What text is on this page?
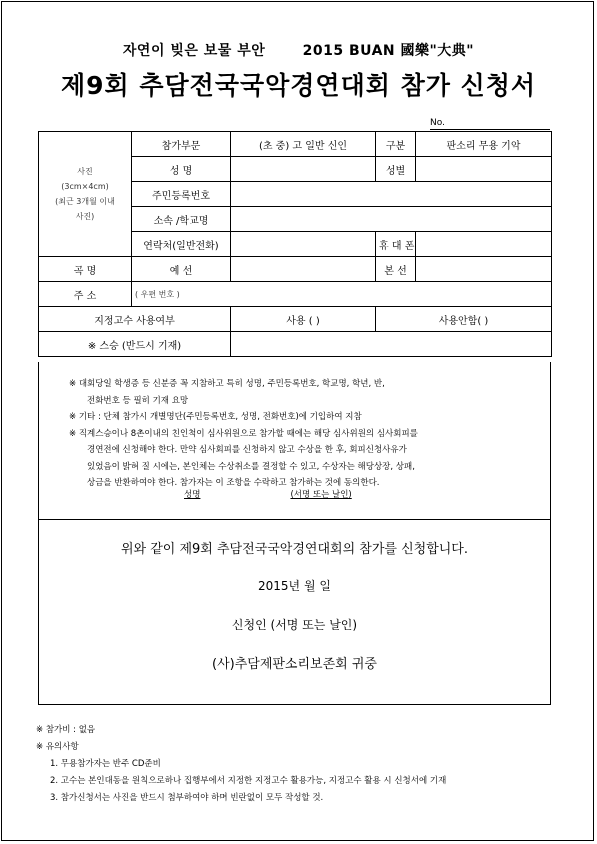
자연이 빚은 보물 부안	2015 BUAN 國樂"大典"
제9회 추담전국국악경연대회 참가 신청서
No.
사진
(3cm×4cm)
(최근 3개월 이내
사진)	참가부문	(초 중) 고 일반 신인	구분	판소리 무용 기악
	성 명		성별	
	주민등록번호			
	소속 /학교명			
	연락처(일반전화)		휴 대 폰	
곡 명	예 선		본 선	
주 소	( 우편 번호 )			
지정고수 사용여부		사용 ( )	사용안함( )	
※ 스승 (반드시 기재)				
※ 대회당일 학생증 등 신분증 꼭 지참하고 특히 성명, 주민등록번호, 학교명, 학년, 반,
전화번호 등 필히 기재 요망
※ 기타 : 단체 참가시 개별명단(주민등록번호, 성명, 전화번호)에 기입하여 지참
※ 직계스승이나 8촌이내의 친인척이 심사위원으로 참가할 때에는 해당 심사위원의 심사회피를
경연전에 신청해야 한다. 만약 심사회피를 신청하지 않고 수상을 한 후, 회피신청사유가
있었음이 밝혀 질 시에는, 본인체는 수상취소를 결정할 수 있고, 수상자는 해당상장, 상패,
상금을 반환하여야 한다. 참가자는 이 조항을 수락하고 참가하는 것에 동의한다.
성명	(서명 또는 날인)
위와 같이 제9회 추담전국국악경연대회의 참가를 신청합니다.
2015년 월 일
신청인 (서명 또는 날인)
(사)추담제판소리보존회 귀중
※ 참가비 : 없음
※ 유의사항
1. 무용참가자는 반주 CD준비
2. 고수는 본인대동을 원칙으로하나 집행부에서 지정한 지정고수 활용가능, 지정고수 활용 시 신청서에 기재
3. 참가신청서는 사진을 반드시 첨부하여야 하며 빈란없이 모두 작성할 것.
